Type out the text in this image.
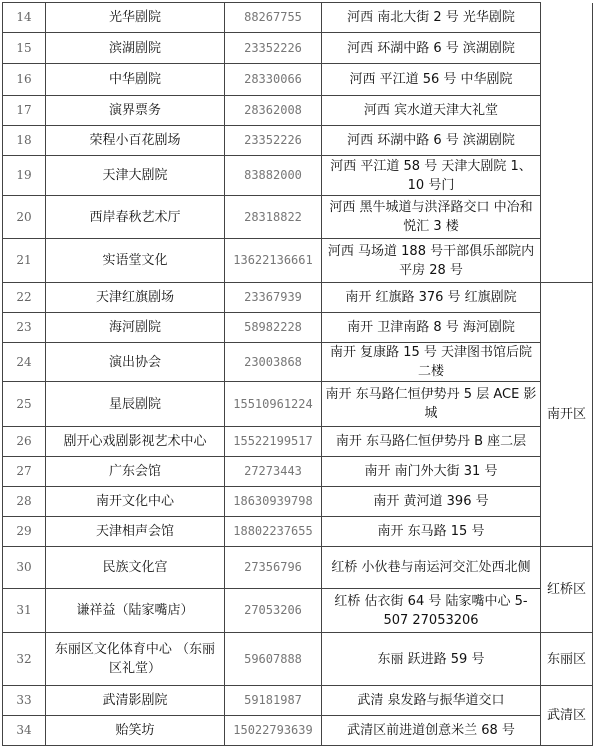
14	光华剧院	88267755	河西 南北大街 2 号 光华剧院	
15	滨湖剧院	23352226	河西 环湖中路 6 号 滨湖剧院	
16	中华剧院	28330066	河西 平江道 56 号 中华剧院	
17	演界票务	28362008	河西 宾水道天津大礼堂	
18	荣程小百花剧场	23352226	河西 环湖中路 6 号 滨湖剧院	
19	天津大剧院	83882000	河西 平江道 58 号 天津大剧院 1、10 号门	
20	西岸春秋艺术厅	28318822	河西 黑牛城道与洪泽路交口 中冶和悦汇 3 楼	
21	实语堂文化	13622136661	河西 马场道 188 号干部俱乐部院内平房 28 号	
22	天津红旗剧场	23367939	南开 红旗路 376 号 红旗剧院	南开区
23	海河剧院	58982228	南开 卫津南路 8 号 海河剧院	
24	演出协会	23003868	南开 复康路 15 号 天津图书馆后院二楼	
25	星辰剧院	15510961224	南开 东马路仁恒伊势丹 5 层 ACE 影城	
26	剧开心戏剧影视艺术中心	15522199517	南开 东马路仁恒伊势丹 B 座二层	
27	广东会馆	27273443	南开 南门外大街 31 号	
28	南开文化中心	18630939798	南开 黄河道 396 号	
29	天津相声会馆	18802237655	南开 东马路 15 号	
30	民族文化宫	27356796	红桥 小伙巷与南运河交汇处西北侧	红桥区
31	谦祥益（陆家嘴店）	27053206	红桥 估衣街 64 号 陆家嘴中心 5-507 27053206	
32	东丽区文化体育中心 （东丽区礼堂）	59607888	东丽 跃进路 59 号	东丽区
33	武清影剧院	59181987	武清 泉发路与振华道交口	武清区
34	贻笑坊	15022793639	武清区前进道创意米兰 68 号	
